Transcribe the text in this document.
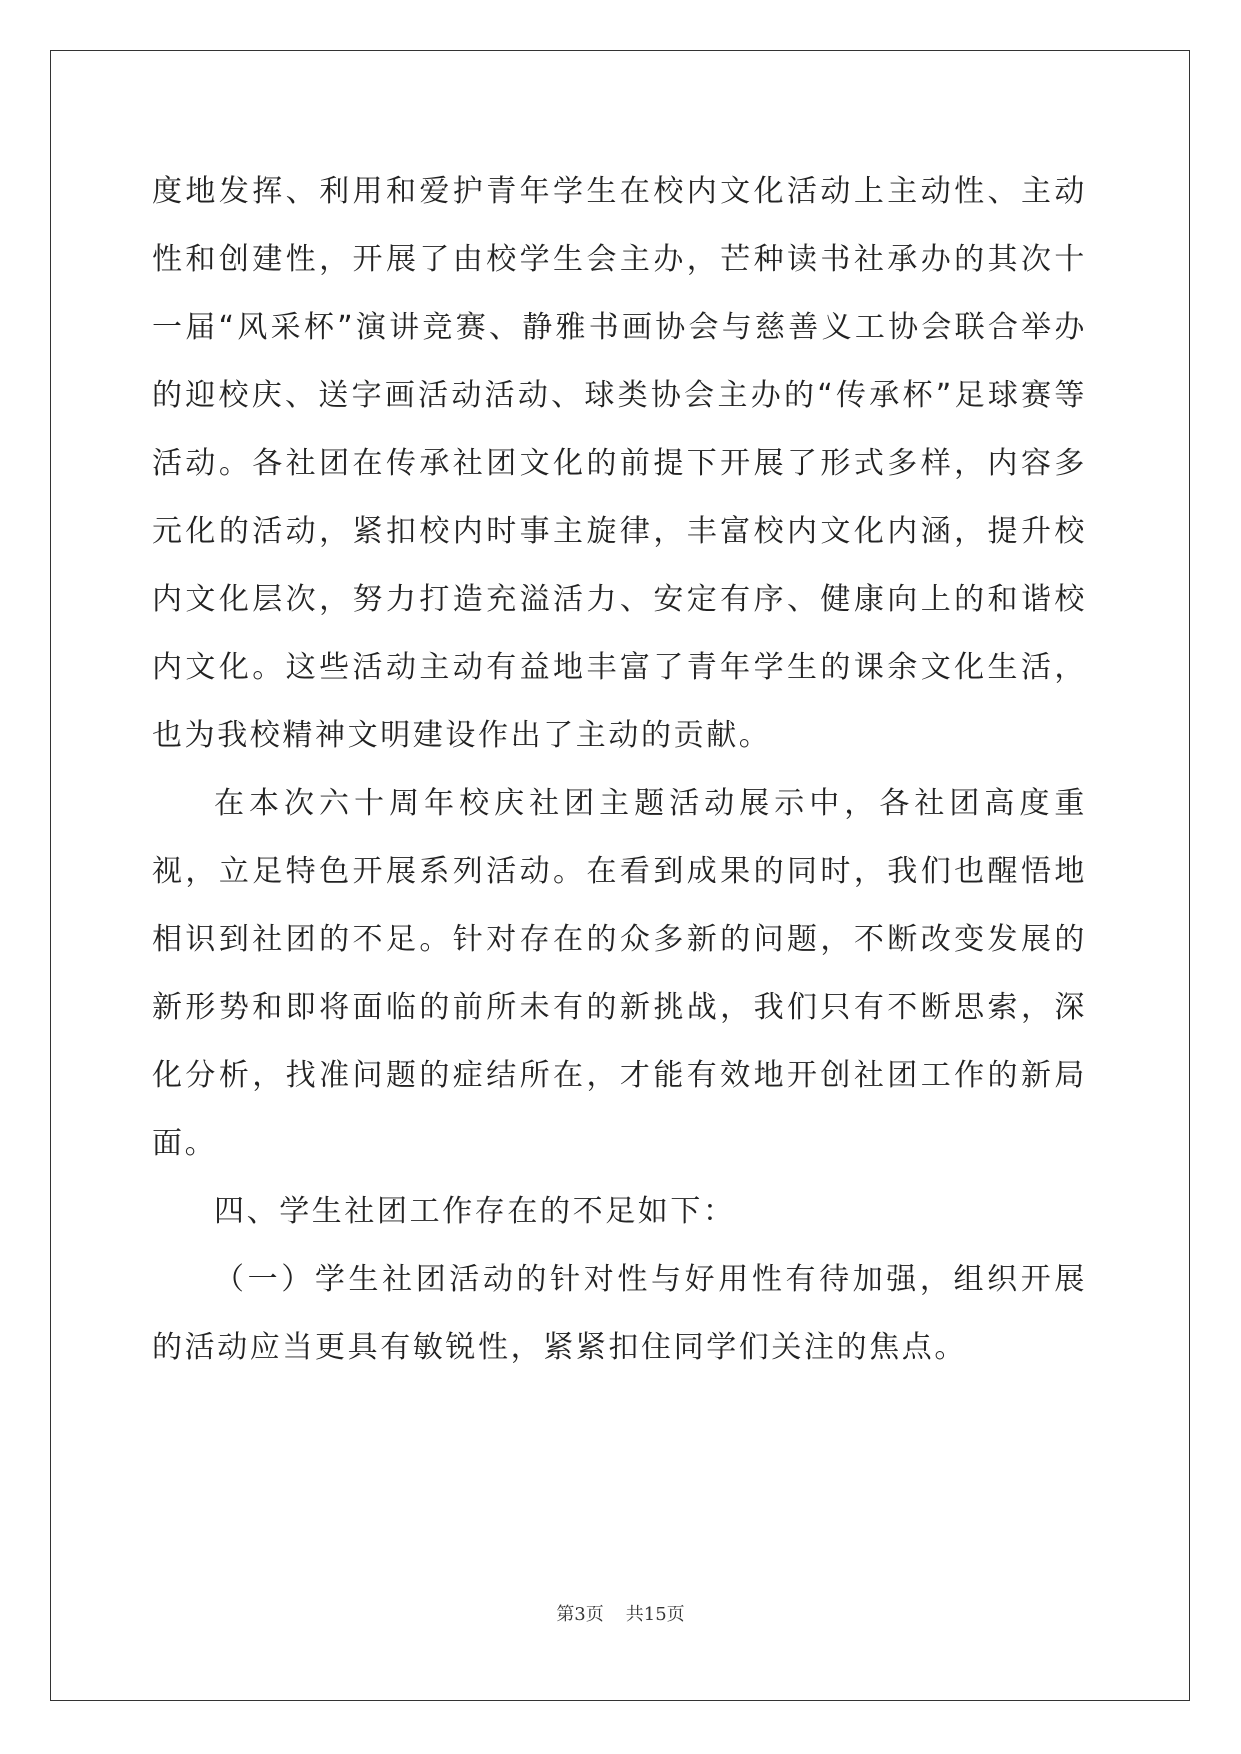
度地发挥、利用和爱护青年学生在校内文化活动上主动性、主动性和创建性，开展了由校学生会主办，芒种读书社承办的其次十一届“风采杯”演讲竞赛、静雅书画协会与慈善义工协会联合举办的迎校庆、送字画活动活动、球类协会主办的“传承杯”足球赛等活动。各社团在传承社团文化的前提下开展了形式多样，内容多元化的活动，紧扣校内时事主旋律，丰富校内文化内涵，提升校内文化层次，努力打造充溢活力、安定有序、健康向上的和谐校内文化。这些活动主动有益地丰富了青年学生的课余文化生活，也为我校精神文明建设作出了主动的贡献。

在本次六十周年校庆社团主题活动展示中，各社团高度重视，立足特色开展系列活动。在看到成果的同时，我们也醒悟地相识到社团的不足。针对存在的众多新的问题，不断改变发展的新形势和即将面临的前所未有的新挑战，我们只有不断思索，深化分析，找准问题的症结所在，才能有效地开创社团工作的新局面。

四、学生社团工作存在的不足如下：

（一）学生社团活动的针对性与好用性有待加强，组织开展的活动应当更具有敏锐性，紧紧扣住同学们关注的焦点。

第3页 共15页
